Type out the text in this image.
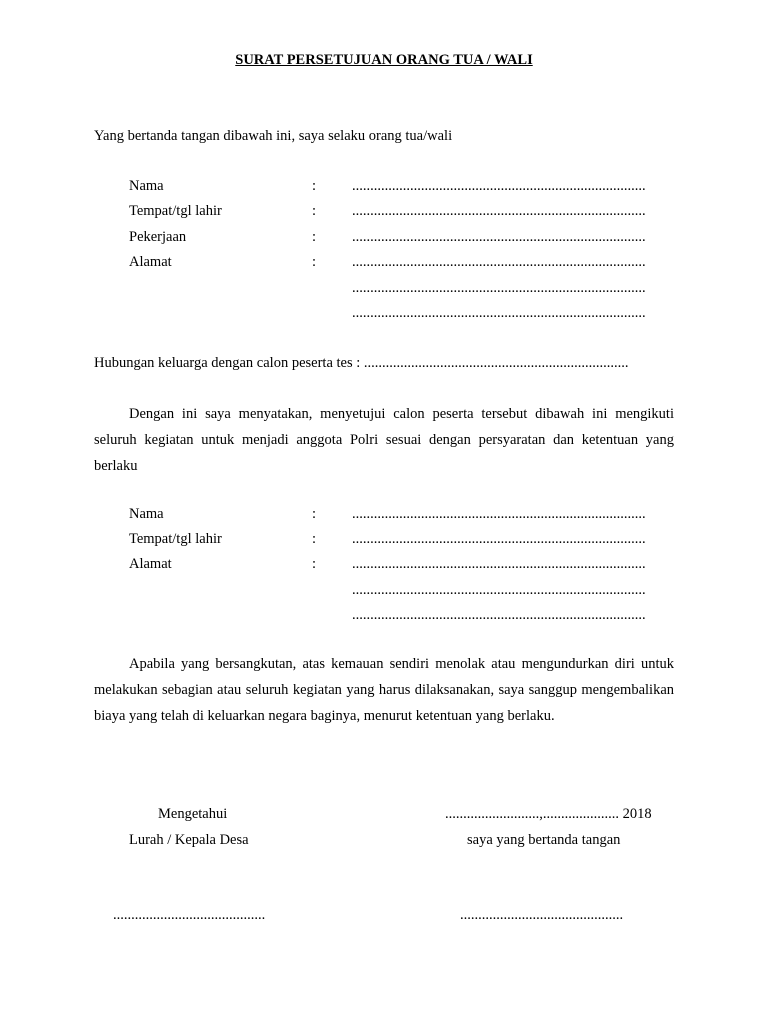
SURAT PERSETUJUAN ORANG TUA / WALI
Yang bertanda tangan dibawah ini, saya selaku orang tua/wali
Nama	: .................................................................................
Tempat/tgl lahir	: .................................................................................
Pekerjaan	: .................................................................................
Alamat	: .................................................................................
.................................................................................
.................................................................................
Hubungan keluarga dengan calon peserta tes : .........................................................................
Dengan ini saya menyatakan, menyetujui calon peserta tersebut dibawah ini mengikuti seluruh kegiatan untuk menjadi anggota Polri sesuai dengan persyaratan dan ketentuan yang berlaku
Nama	: .................................................................................
Tempat/tgl lahir	: .................................................................................
Alamat	: .................................................................................
.................................................................................
.................................................................................
Apabila yang bersangkutan, atas kemauan sendiri menolak atau mengundurkan diri untuk melakukan sebagian atau seluruh kegiatan yang harus dilaksanakan, saya sanggup mengembalikan biaya yang telah di keluarkan negara baginya, menurut ketentuan yang berlaku.
Mengetahui
Lurah / Kepala Desa
..........................................
..........................,..................... 2018
saya yang bertanda tangan
.............................................
